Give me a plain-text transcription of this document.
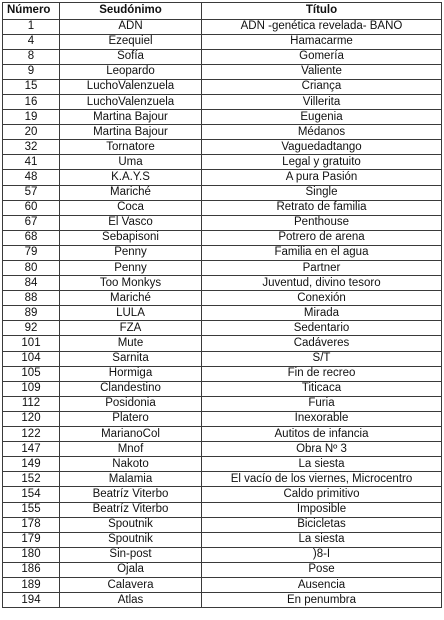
Número	Seudónimo	Título
1	ADN	ADN -genética revelada- BAÑO
4	Ezequiel	Hamacarme
8	Sofía	Gomería
9	Leopardo	Valiente
15	LuchoValenzuela	Criança
16	LuchoValenzuela	Villerita
19	Martina Bajour	Eugenia
20	Martina Bajour	Médanos
32	Tornatore	Vaguedadtango
41	Uma	Legal y gratuito
48	K.A.Y.S	A pura Pasión
57	Mariché	Single
60	Coca	Retrato de familia
67	El Vasco	Penthouse
68	Sebapisoni	Potrero de arena
79	Penny	Familia en el agua
80	Penny	Partner
84	Too Monkys	Juventud, divino tesoro
88	Mariché	Conexión
89	LULA	Mirada
92	FZA	Sedentario
101	Mute	Cadáveres
104	Sarnita	S/T
105	Hormiga	Fin de recreo
109	Clandestino	Titicaca
112	Posidonia	Furia
120	Platero	Inexorable
122	MarianoCol	Autitos de infancia
147	Mnof	Obra Nº 3
149	Nakoto	La siesta
152	Malamia	El vacío de los viernes, Microcentro
154	Beatríz Viterbo	Caldo primitivo
155	Beatríz Viterbo	Imposible
178	Spoutnik	Bicicletas
179	Spoutnik	La siesta
180	Sin-post	)8-I
186	Ojala	Pose
189	Calavera	Ausencia
194	Atlas	En penumbra
